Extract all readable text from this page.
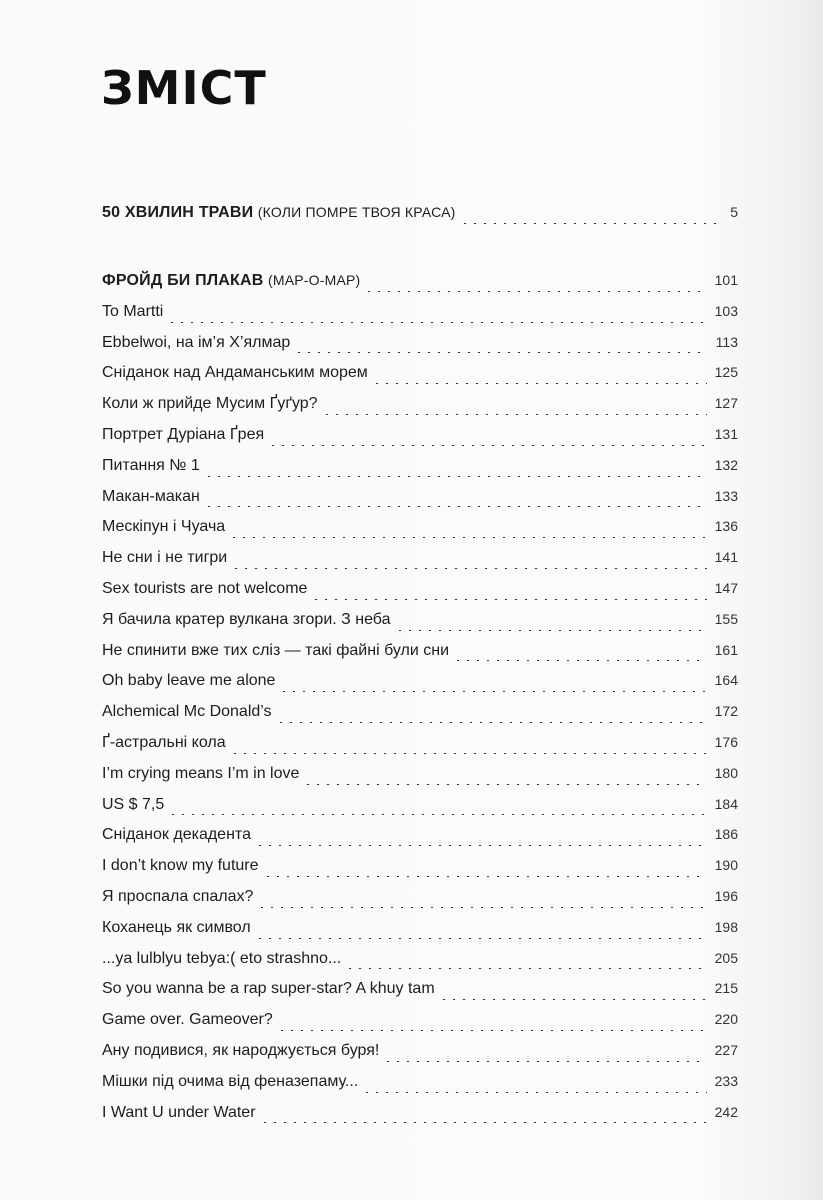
ЗМІСТ
50 ХВИЛИН ТРАВИ (КОЛИ ПОМРЕ ТВОЯ КРАСА)	5
ФРОЙД БИ ПЛАКАВ (МАР-О-МАР)	101
To Martti	103
Ebbelwoi, на ім’я Х’ялмар	113
Сніданок над Андаманським морем	125
Коли ж прийде Мусим Ґуґур?	127
Портрет Дуріана Ґрея	131
Питання № 1	132
Макан-макан	133
Мескіпун і Чуача	136
Не сни і не тигри	141
Sex tourists are not welcome	147
Я бачила кратер вулкана згори. З неба	155
Не спинити вже тих сліз — такі файні були сни	161
Oh baby leave me alone	164
Alchemical Mc Donald’s	172
Ґ-астральні кола	176
I’m crying means I’m in love	180
US $ 7,5	184
Сніданок декадента	186
I don’t know my future	190
Я проспала спалах?	196
Коханець як символ	198
...ya lulblyu tebya:( eto strashno...	205
So you wanna be a rap super-star? A khuy tam	215
Game over. Gameover?	220
Ану подивися, як народжується буря!	227
Мішки під очима від феназепаму...	233
I Want U under Water	242
